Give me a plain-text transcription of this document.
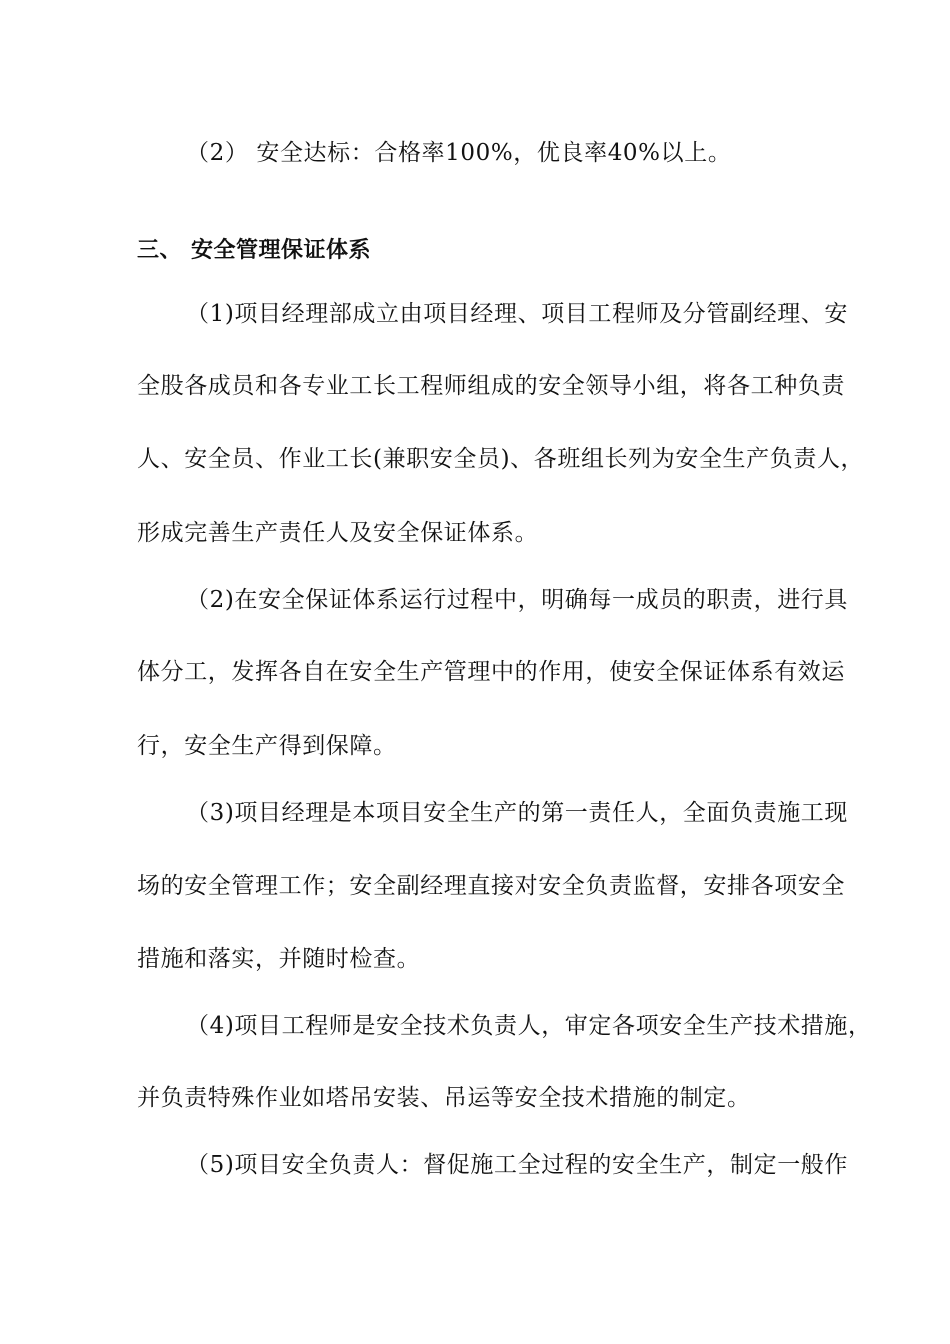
（2） 安全达标：合格率100%，优良率40%以上。
三、 安全管理保证体系
（1)项目经理部成立由项目经理、项目工程师及分管副经理、安
全股各成员和各专业工长工程师组成的安全领导小组，将各工种负责
人、安全员、作业工长(兼职安全员)、各班组长列为安全生产负责人，
形成完善生产责任人及安全保证体系。
（2)在安全保证体系运行过程中，明确每一成员的职责，进行具
体分工，发挥各自在安全生产管理中的作用，使安全保证体系有效运
行，安全生产得到保障。
（3)项目经理是本项目安全生产的第一责任人，全面负责施工现
场的安全管理工作；安全副经理直接对安全负责监督，安排各项安全
措施和落实，并随时检查。
（4)项目工程师是安全技术负责人，审定各项安全生产技术措施，
并负责特殊作业如塔吊安装、吊运等安全技术措施的制定。
（5)项目安全负责人：督促施工全过程的安全生产，制定一般作
